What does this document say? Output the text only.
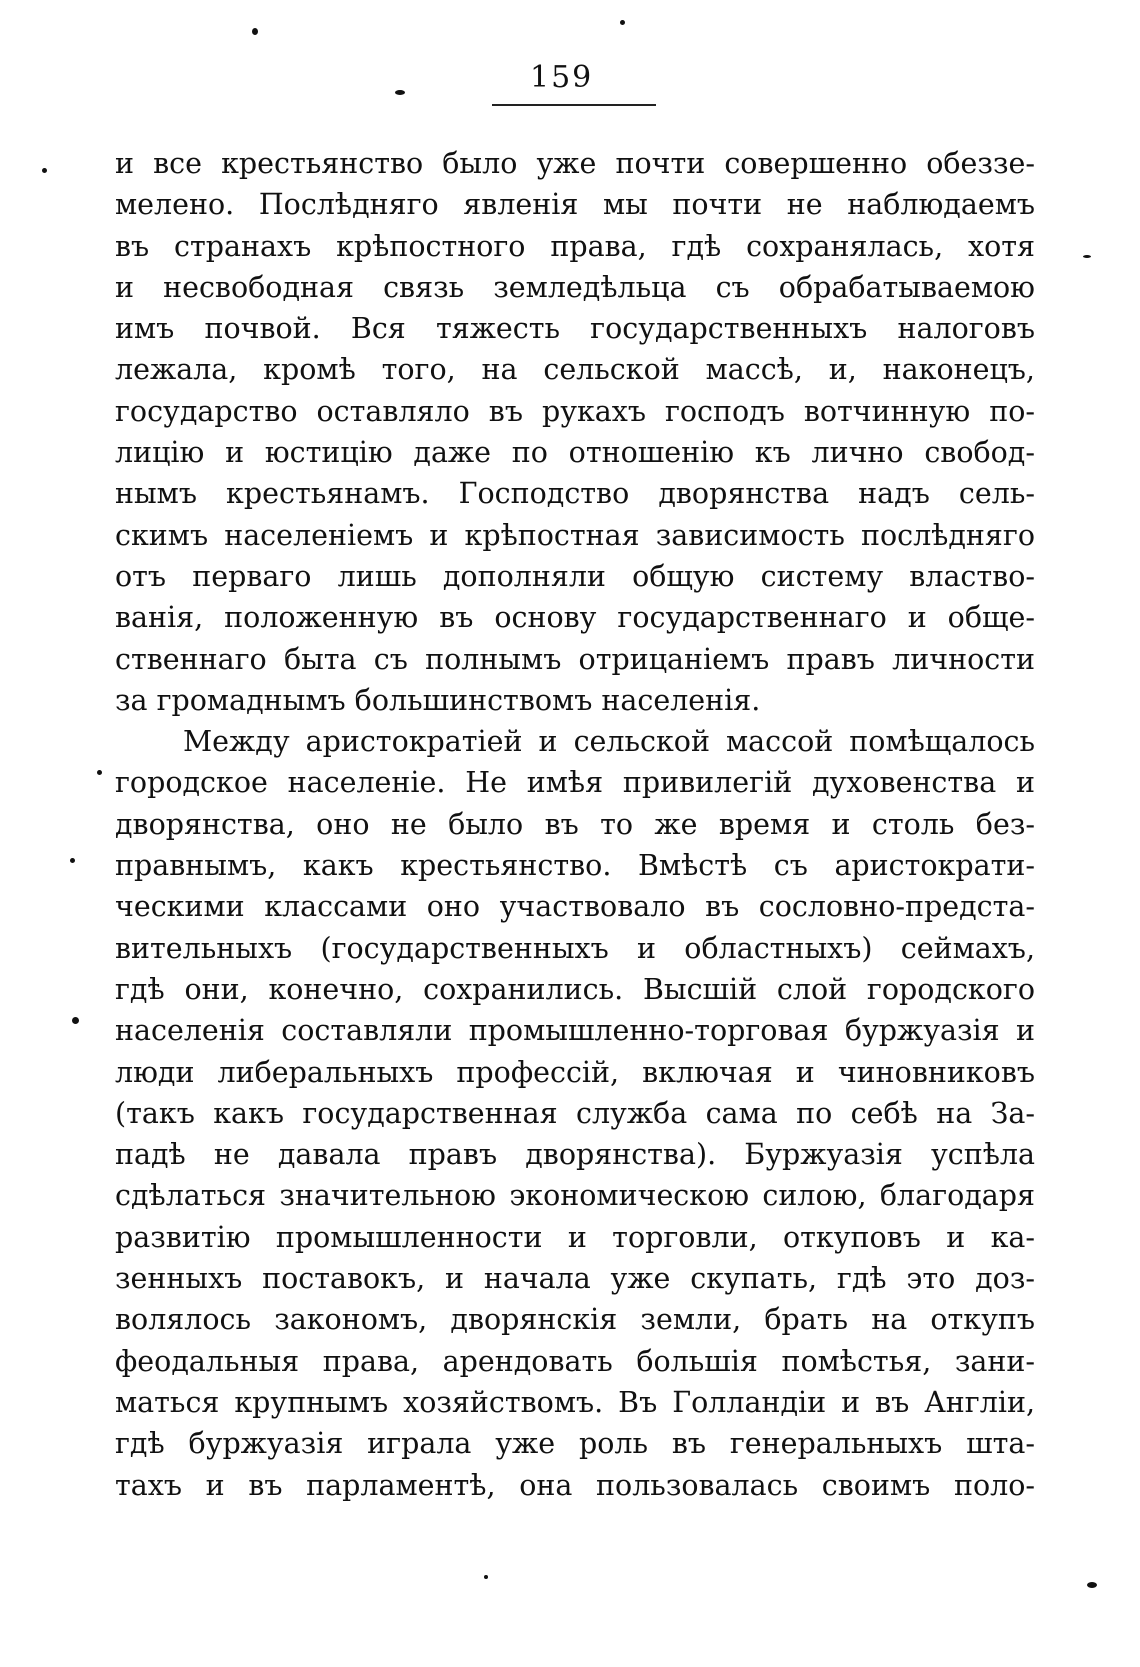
159
и все крестьянство было уже почти совершенно обеззе-
мелено. Послѣдняго явленія мы почти не наблюдаемъ
въ странахъ крѣпостного права, гдѣ сохранялась, хотя
и несвободная связь земледѣльца съ обрабатываемою
имъ почвой. Вся тяжесть государственныхъ налоговъ
лежала, кромѣ того, на сельской массѣ, и, наконецъ,
государство оставляло въ рукахъ господъ вотчинную по-
лицію и юстицію даже по отношенію къ лично свобод-
нымъ крестьянамъ. Господство дворянства надъ сель-
скимъ населеніемъ и крѣпостная зависимость послѣдняго
отъ перваго лишь дополняли общую систему властво-
ванія, положенную въ основу государственнаго и обще-
ственнаго быта съ полнымъ отрицаніемъ правъ личности
за громаднымъ большинствомъ населенія.
Между аристократіей и сельской массой помѣщалось
городское населеніе. Не имѣя привилегій духовенства и
дворянства, оно не было въ то же время и столь без-
правнымъ, какъ крестьянство. Вмѣстѣ съ аристократи-
ческими классами оно участвовало въ сословно-предста-
вительныхъ (государственныхъ и областныхъ) сеймахъ,
гдѣ они, конечно, сохранились. Высшій слой городского
населенія составляли промышленно-торговая буржуазія и
люди либеральныхъ профессій, включая и чиновниковъ
(такъ какъ государственная служба сама по себѣ на За-
падѣ не давала правъ дворянства). Буржуазія успѣла
сдѣлаться значительною экономическою силою, благодаря
развитію промышленности и торговли, откуповъ и ка-
зенныхъ поставокъ, и начала уже скупать, гдѣ это доз-
волялось закономъ, дворянскія земли, брать на откупъ
феодальныя права, арендовать большія помѣстья, зани-
маться крупнымъ хозяйствомъ. Въ Голландіи и въ Англіи,
гдѣ буржуазія играла уже роль въ генеральныхъ шта-
тахъ и въ парламентѣ, она пользовалась своимъ поло-
